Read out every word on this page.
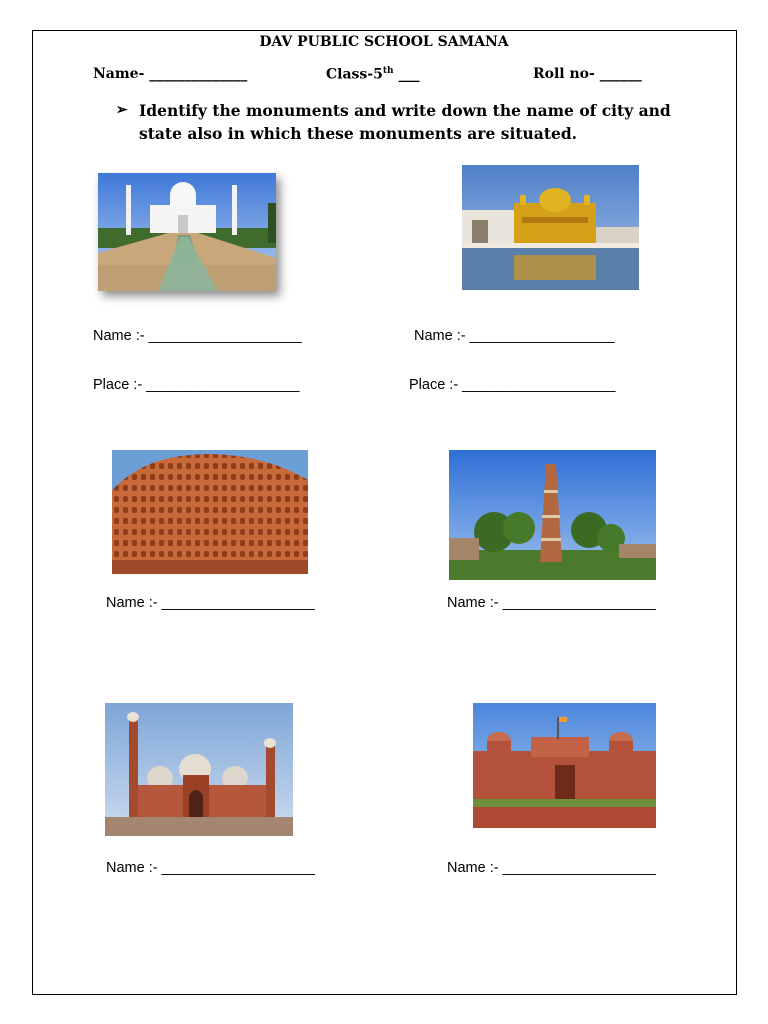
DAV PUBLIC SCHOOL SAMANA
Name- ______________	Class-5th ___	Roll no- ______
➢ Identify the monuments and write down the name of city and
state also in which these monuments are situated.
Name :- ___________________	Name :- __________________
Place :- ___________________	Place :- ___________________
Name :- ___________________	Name :- ___________________
Name :- ___________________	Name :- ___________________
